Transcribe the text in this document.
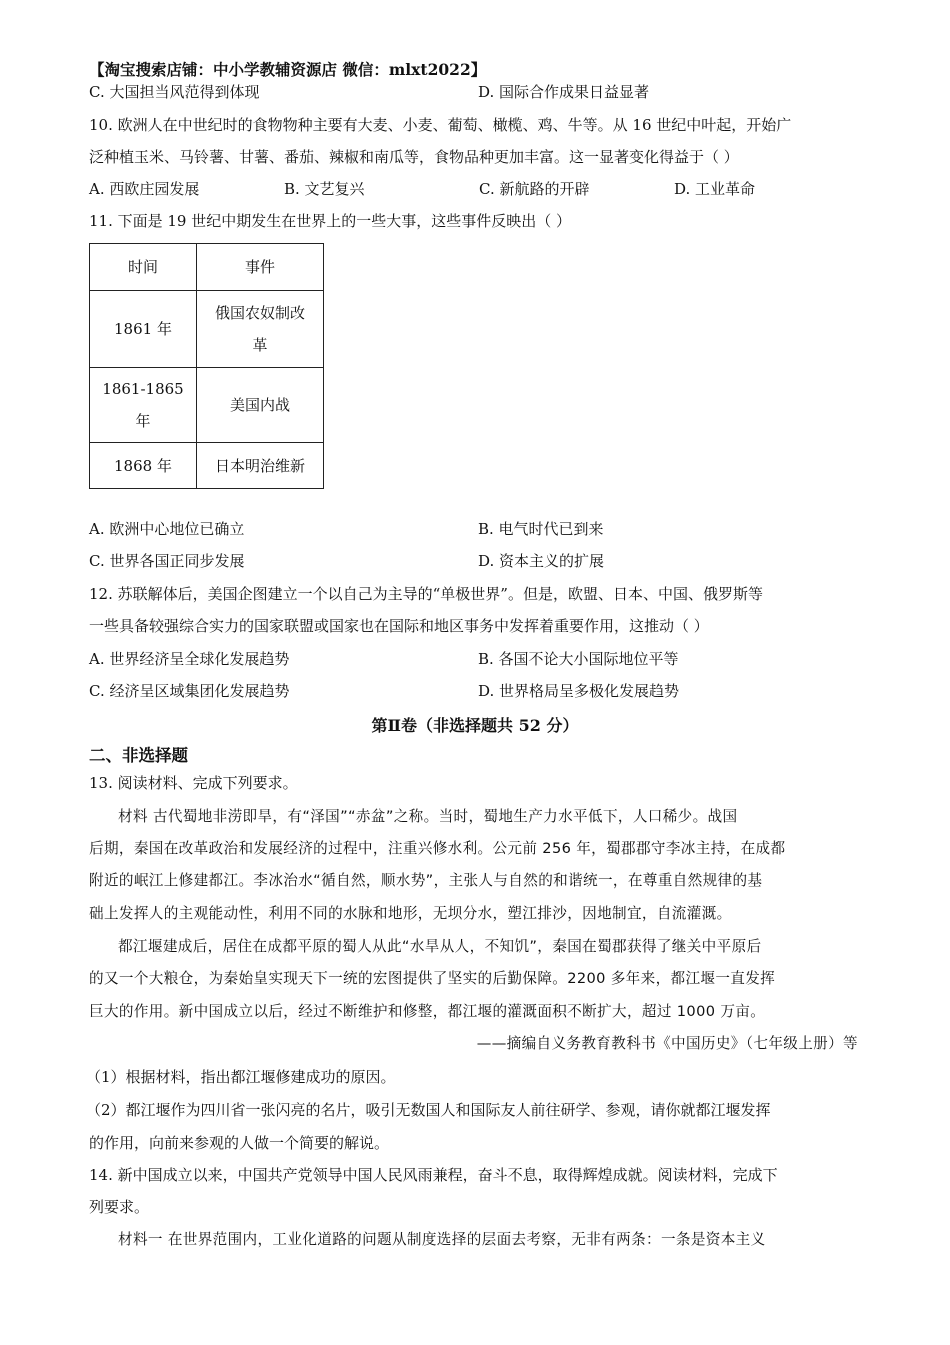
【淘宝搜索店铺：中小学教辅资源店 微信：mlxt2022】
C. 大国担当风范得到体现	D. 国际合作成果日益显著
10. 欧洲人在中世纪时的食物物种主要有大麦、小麦、葡萄、橄榄、鸡、牛等。从 16 世纪中叶起，开始广
泛种植玉米、马铃薯、甘薯、番茄、辣椒和南瓜等，食物品种更加丰富。这一显著变化得益于（ ）
A. 西欧庄园发展	B. 文艺复兴	C. 新航路的开辟	D. 工业革命
11. 下面是 19 世纪中期发生在世界上的一些大事，这些事件反映出（ ）
时间	事件

1861 年	俄国农奴制改
革

1861-1865
年	美国内战

1868 年	日本明治维新
A. 欧洲中心地位已确立	B. 电气时代已到来
C. 世界各国正同步发展	D. 资本主义的扩展
12. 苏联解体后，美国企图建立一个以自己为主导的“单极世界”。但是，欧盟、日本、中国、俄罗斯等
一些具备较强综合实力的国家联盟或国家也在国际和地区事务中发挥着重要作用，这推动（ ）
A. 世界经济呈全球化发展趋势	B. 各国不论大小国际地位平等
C. 经济呈区域集团化发展趋势	D. 世界格局呈多极化发展趋势
第Ⅱ卷（非选择题共 52 分）
二、非选择题
13. 阅读材料、完成下列要求。
材料 古代蜀地非涝即旱，有“泽国”“赤盆”之称。当时，蜀地生产力水平低下，人口稀少。战国
后期，秦国在改革政治和发展经济的过程中，注重兴修水利。公元前 256 年，蜀郡郡守李冰主持，在成都
附近的岷江上修建都江。李冰治水“循自然，顺水势”，主张人与自然的和谐统一，在尊重自然规律的基
础上发挥人的主观能动性，利用不同的水脉和地形，无坝分水，塑江排沙，因地制宜，自流灌溉。
都江堰建成后，居住在成都平原的蜀人从此“水旱从人，不知饥”，秦国在蜀郡获得了继关中平原后
的又一个大粮仓，为秦始皇实现天下一统的宏图提供了坚实的后勤保障。2200 多年来，都江堰一直发挥
巨大的作用。新中国成立以后，经过不断维护和修整，都江堰的灌溉面积不断扩大，超过 1000 万亩。
——摘编自义务教育教科书《中国历史》（七年级上册）等
（1）根据材料，指出都江堰修建成功的原因。
（2）都江堰作为四川省一张闪亮的名片，吸引无数国人和国际友人前往研学、参观，请你就都江堰发挥
的作用，向前来参观的人做一个简要的解说。
14. 新中国成立以来，中国共产党领导中国人民风雨兼程，奋斗不息，取得辉煌成就。阅读材料，完成下
列要求。
材料一 在世界范围内，工业化道路的问题从制度选择的层面去考察，无非有两条：一条是资本主义
